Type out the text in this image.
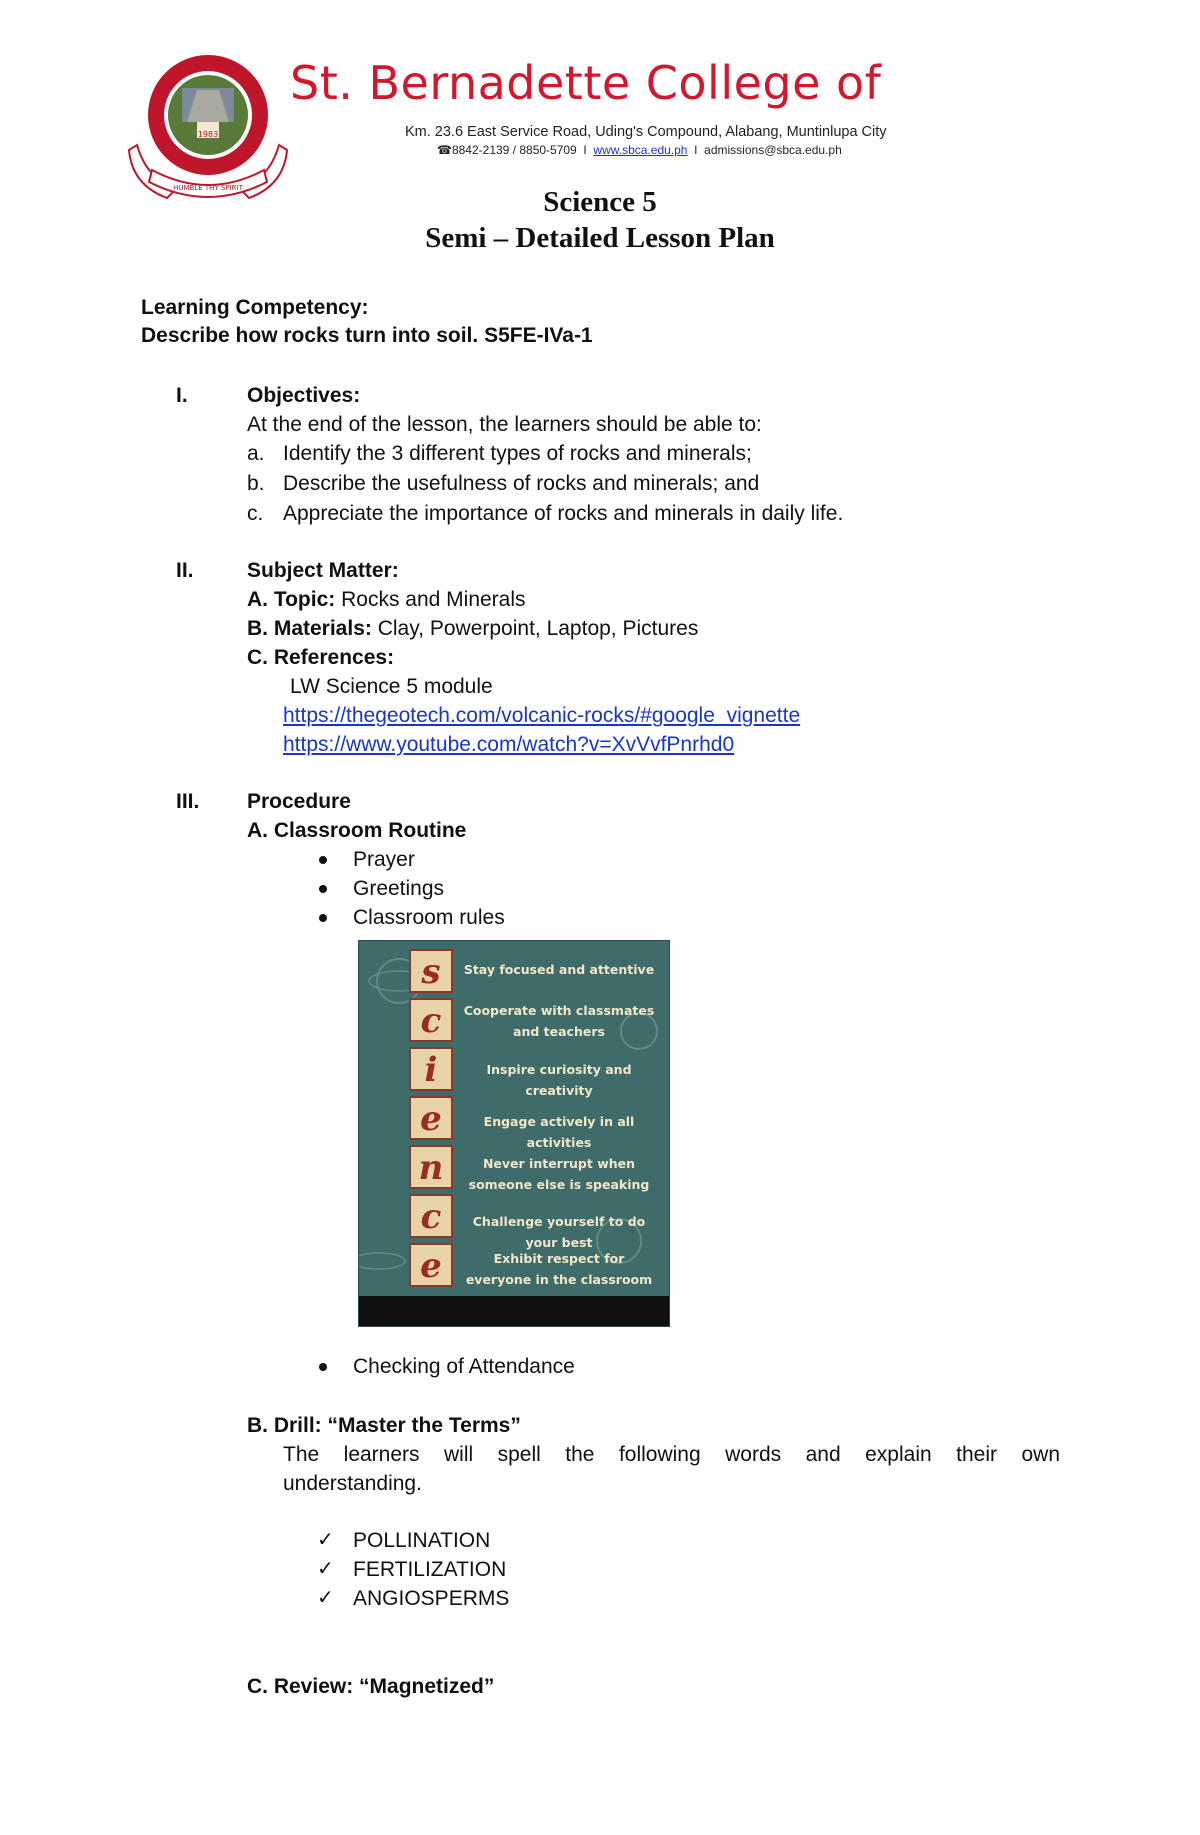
1983
HUMBLE THY SPIRIT
St. Bernadette College of
Km. 23.6 East Service Road, Uding's Compound, Alabang, Muntinlupa City
☎8842-2139 / 8850-5709 I www.sbca.edu.ph I admissions@sbca.edu.ph
Science 5
Semi – Detailed Lesson Plan
Learning Competency:
Describe how rocks turn into soil. S5FE-IVa-1
I.	Objectives:
At the end of the lesson, the learners should be able to:
a. Identify the 3 different types of rocks and minerals;
b. Describe the usefulness of rocks and minerals; and
c. Appreciate the importance of rocks and minerals in daily life.
II.	Subject Matter:
A. Topic: Rocks and Minerals
B. Materials: Clay, Powerpoint, Laptop, Pictures
C. References:
LW Science 5 module
https://thegeotech.com/volcanic-rocks/#google_vignette
https://www.youtube.com/watch?v=XvVvfPnrhd0
III. Procedure
A. Classroom Routine
Prayer
Greetings
Classroom rules
s
c
i
e
n
c
e
Stay focused and attentive
Cooperate with classmates and teachers
Inspire curiosity and creativity
Engage actively in all activities
Never interrupt when someone else is speaking
Challenge yourself to do your best
Exhibit respect for everyone in the classroom
Checking of Attendance
B. Drill: “Master the Terms”
The learners will spell the following words and explain their own
understanding.
✓ POLLINATION
✓ FERTILIZATION
✓ ANGIOSPERMS
C. Review: “Magnetized”
